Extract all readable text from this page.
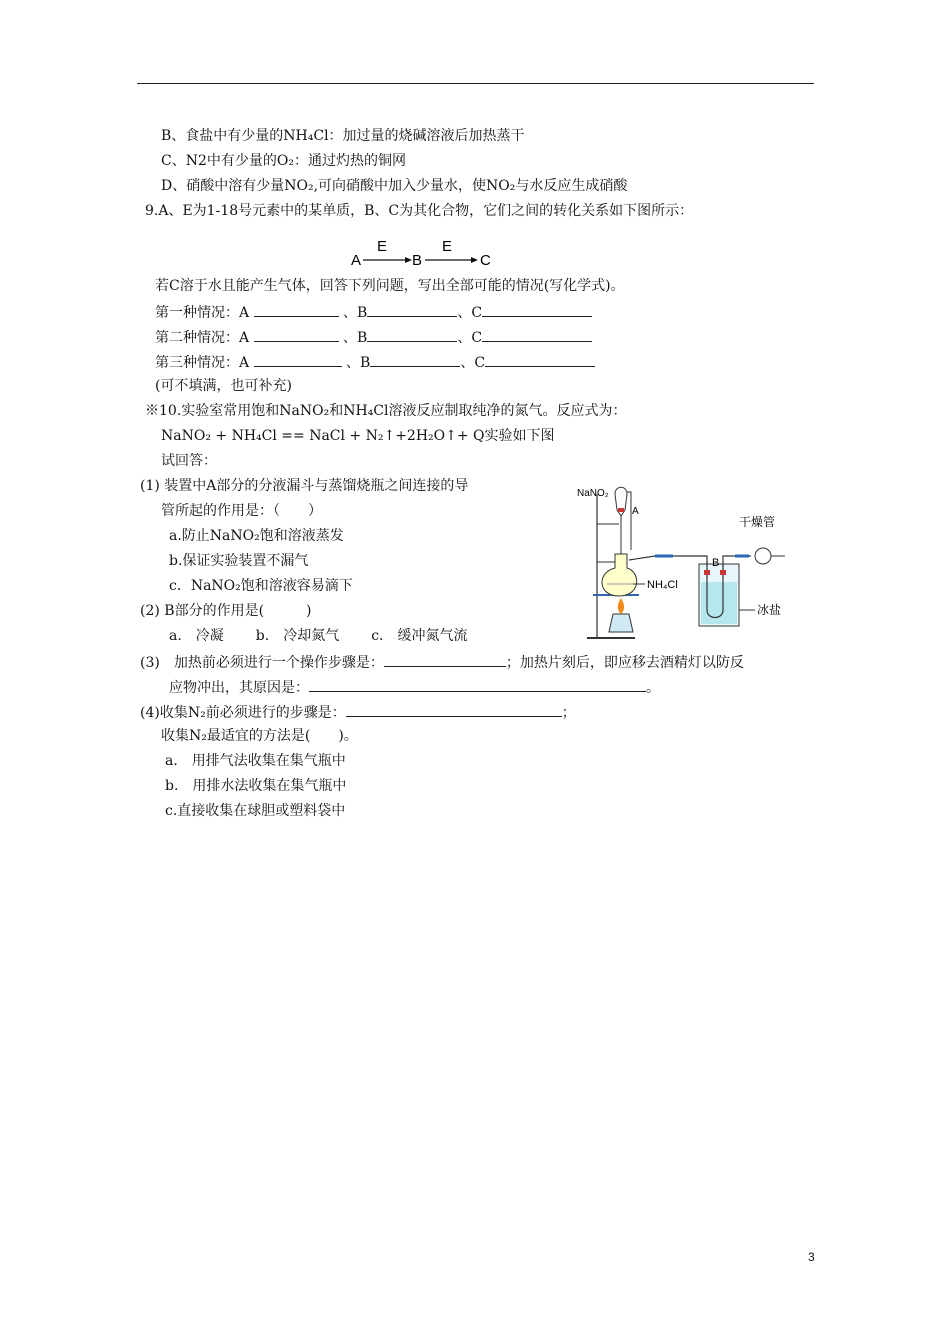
B、食盐中有少量的NH₄Cl：加过量的烧碱溶液后加热蒸干
C、N2中有少量的O₂：通过灼热的铜网
D、硝酸中溶有少量NO₂,可向硝酸中加入少量水，使NO₂与水反应生成硝酸
9.A、E为1-18号元素中的某单质，B、C为其化合物，它们之间的转化关系如下图所示：
A
E
B
E
C
若C溶于水且能产生气体，回答下列问题，写出全部可能的情况(写化学式)。
第一种情况：A	、B	、C
第二种情况：A	、B	、C
第三种情况：A	、B	、C
(可不填满，也可补充)
※10.实验室常用饱和NaNO₂和NH₄Cl溶液反应制取纯净的氮气。反应式为：
NaNO₂ + NH₄Cl == NaCl + N₂↑+2H₂O↑+ Q实验如下图
试回答：
(1) 装置中A部分的分液漏斗与蒸馏烧瓶之间连接的导
管所起的作用是：（　　）
a.防止NaNO₂饱和溶液蒸发
b.保证实验装置不漏气
c．NaNO₂饱和溶液容易滴下
(2) B部分的作用是(　　　)
a.　冷凝 b.　冷却氮气 c.　缓冲氮气流
(3)　加热前必须进行一个操作步骤是：	；加热片刻后，即应移去酒精灯以防反
应物冲出，其原因是：	。
(4)收集N₂前必须进行的步骤是：	；
收集N₂最适宜的方法是(　　)。
a.　用排气法收集在集气瓶中
b.　用排水法收集在集气瓶中
c.直接收集在球胆或塑料袋中
NaNO₂
A
NH₄Cl
B
干燥管
冰盐
3
